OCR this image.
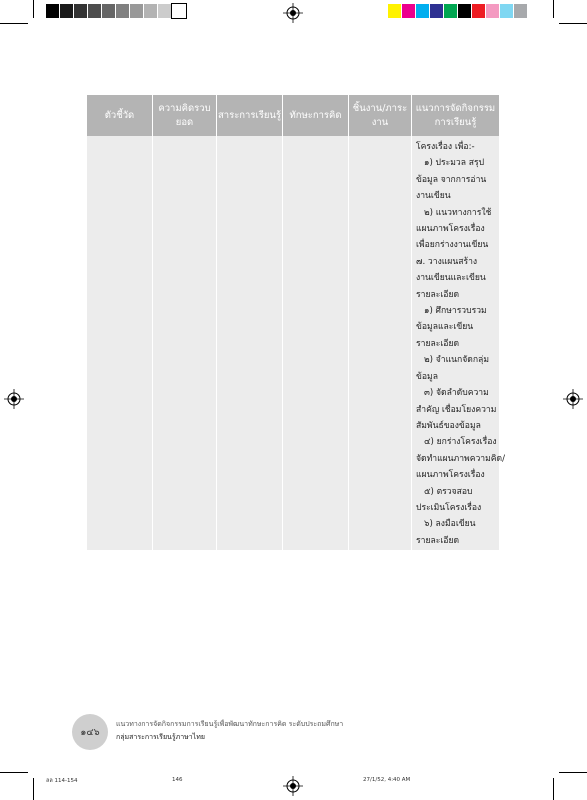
ตัวชี้วัด
ความคิดรวบยอด
สาระการเรียนรู้ ทักษะการคิด
ชิ้นงาน/ภาระงาน
แนวการจัดกิจกรรมการเรียนรู้
โครงเรื่อง เพื่อ:-
๑) ประมวล สรุป
ข้อมูล จากการอ่าน
งานเขียน
๒) แนวทางการใช้
แผนภาพโครงเรื่อง
เพื่อยกร่างงานเขียน
๗. วางแผนสร้าง
งานเขียนและเขียน
รายละเอียด
๑) ศึกษารวบรวม
ข้อมูลและเขียน
รายละเอียด
๒) จำแนกจัดกลุ่ม
ข้อมูล
๓) จัดลำดับความ
สำคัญ เชื่อมโยงความ
สัมพันธ์ของข้อมูล
๔) ยกร่างโครงเรื่อง
จัดทำแผนภาพความคิด/
แผนภาพโครงเรื่อง
๕) ตรวจสอบ
ประเมินโครงเรื่อง
๖) ลงมือเขียน
รายละเอียด
๑๔๖
แนวทางการจัดกิจกรรมการเรียนรู้เพื่อพัฒนาทักษะการคิด ระดับประถมศึกษา
กลุ่มสาระการเรียนรู้ภาษาไทย
ลล 114-154	146	27/1/52, 4:40 AM
